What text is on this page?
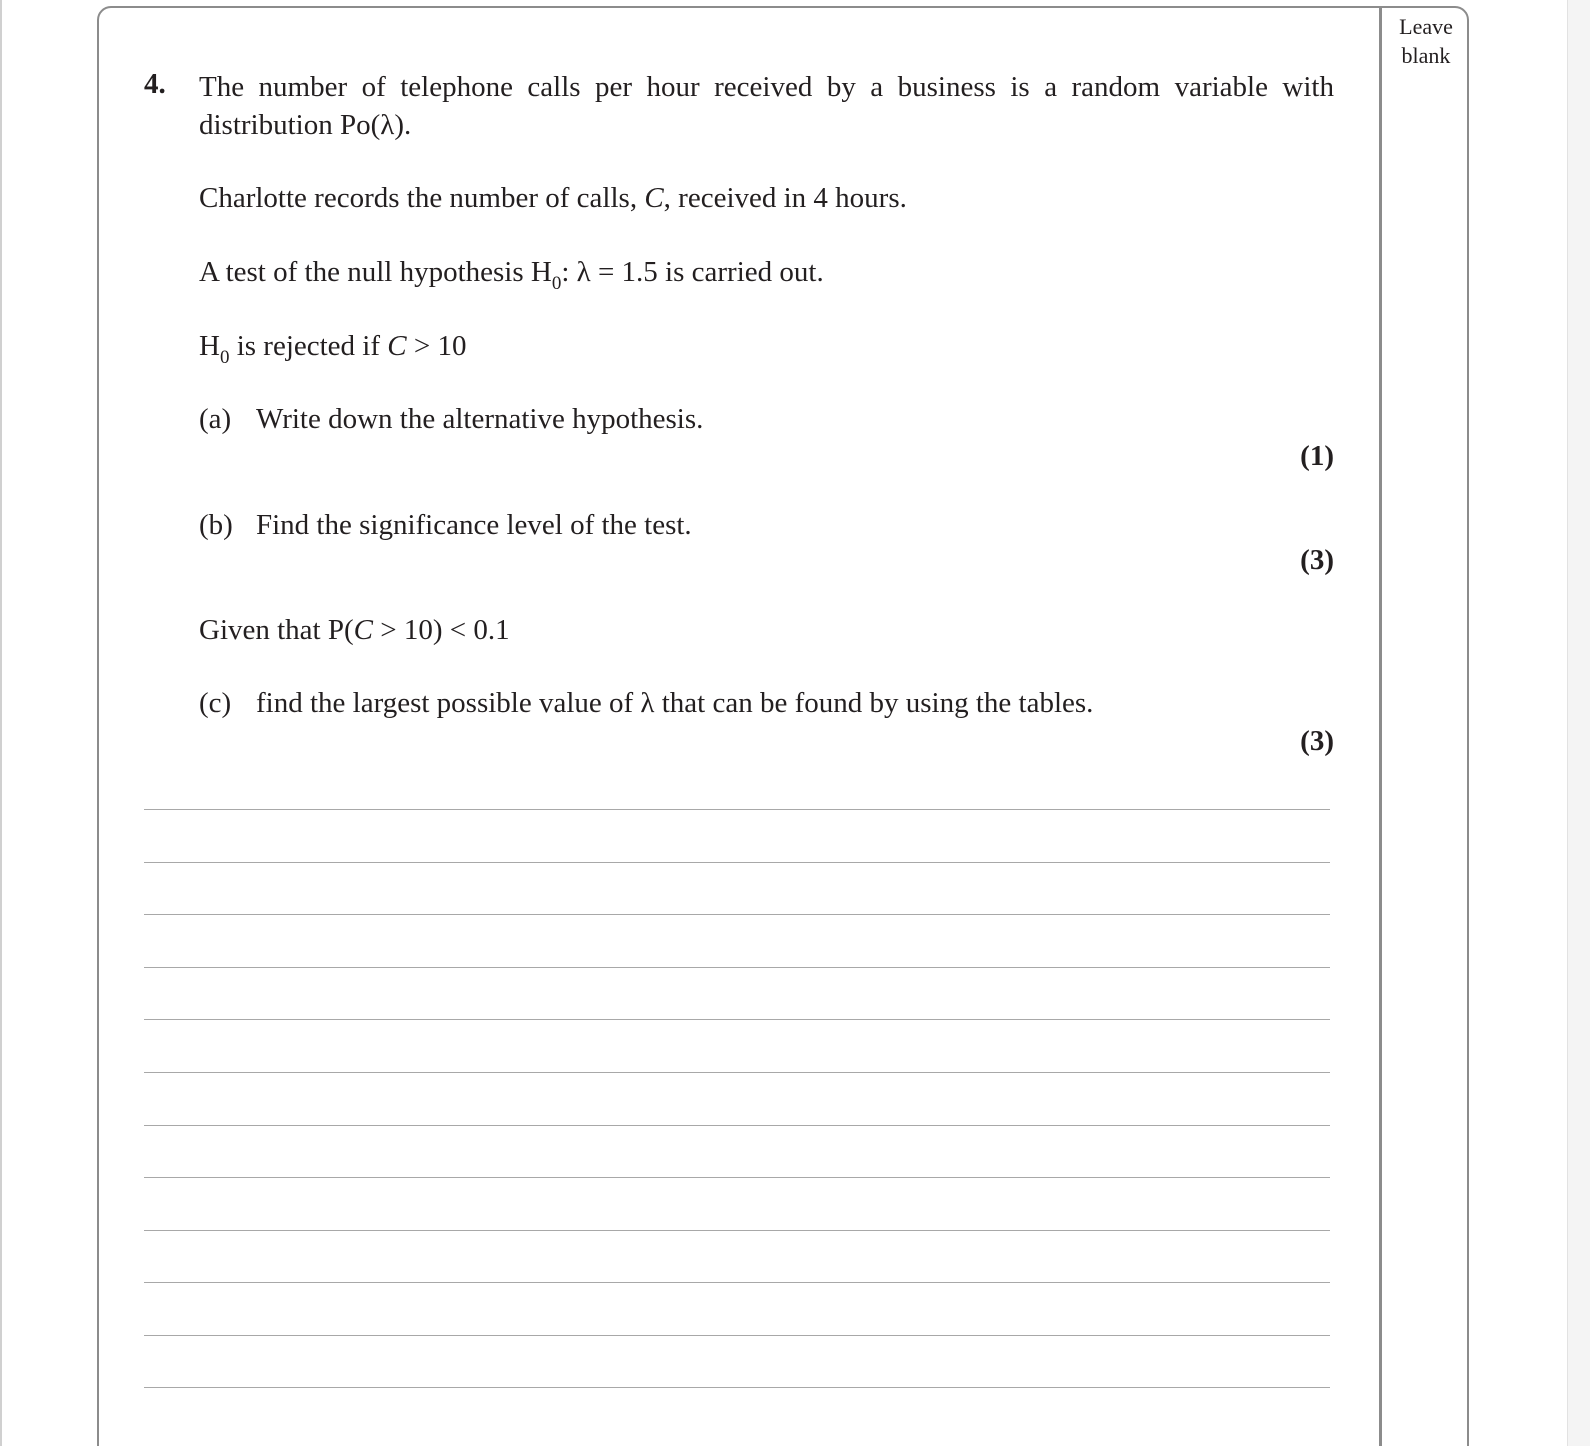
Leave
blank
4. The number of telephone calls per hour received by a business is a random variable with
distribution Po(λ).
Charlotte records the number of calls, C, received in 4 hours.
A test of the null hypothesis $H_0$: λ = 1.5 is carried out.
$H_0$ is rejected if C > 10
(a) Write down the alternative hypothesis.
(1)
(b) Find the significance level of the test.
(3)
Given that P(C > 10) < 0.1
(c) find the largest possible value of λ that can be found by using the tables.
(3)
